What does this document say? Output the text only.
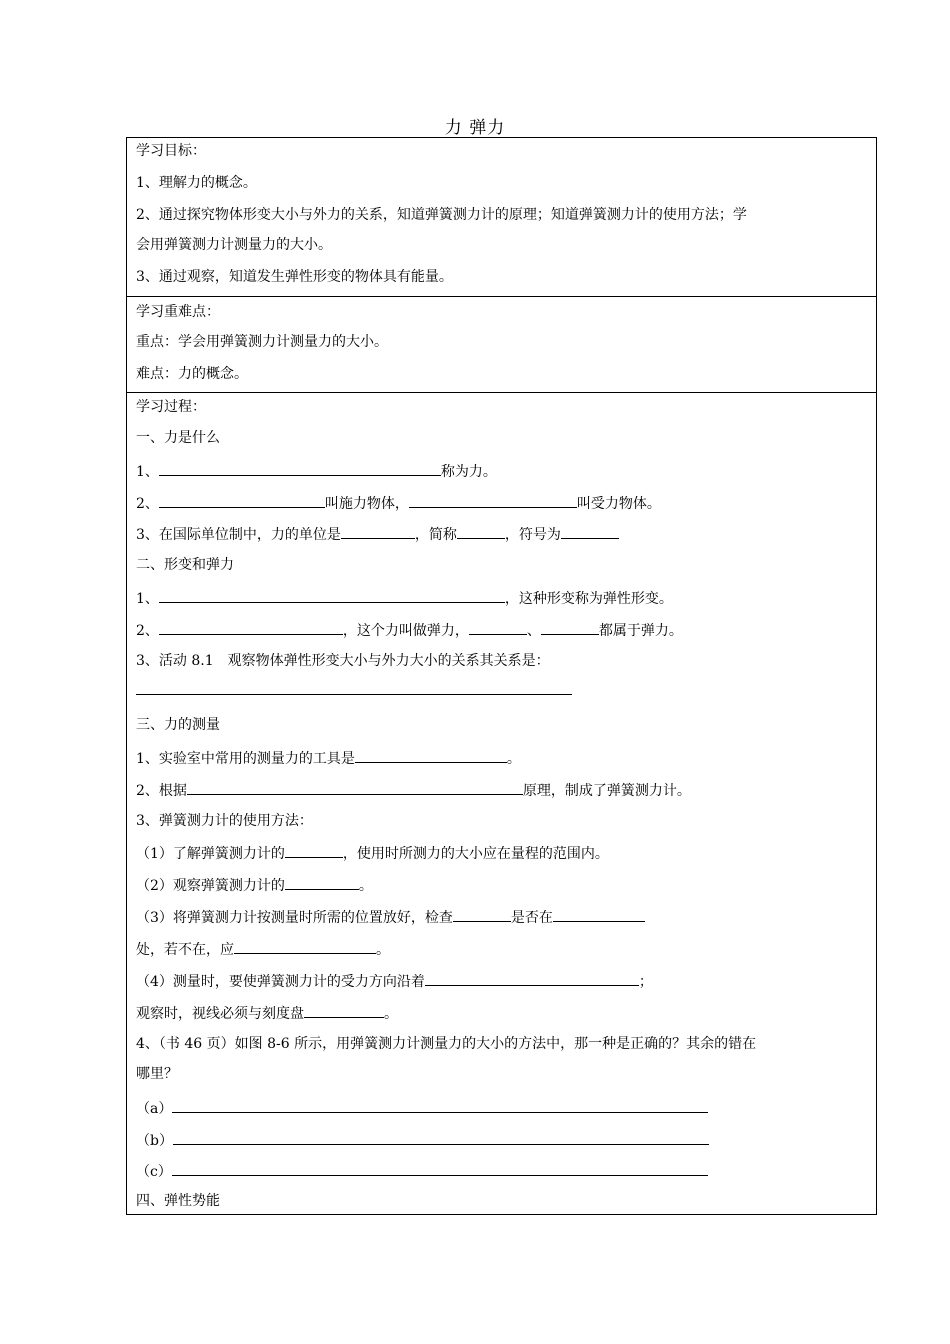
力 弹力
学习目标：
1、理解力的概念。
2、通过探究物体形变大小与外力的关系，知道弹簧测力计的原理；知道弹簧测力计的使用方法；学
会用弹簧测力计测量力的大小。
3、通过观察，知道发生弹性形变的物体具有能量。
学习重难点：
重点：学会用弹簧测力计测量力的大小。
难点：力的概念。
学习过程：
一、力是什么
1、	称为力。
2、	叫施力物体，	叫受力物体。
3、在国际单位制中，力的单位是	，简称	，符号为
二、形变和弹力
1、	，这种形变称为弹性形变。
2、	，这个力叫做弹力，	、	都属于弹力。
3、活动 8.1　观察物体弹性形变大小与外力大小的关系其关系是：
三、力的测量
1、实验室中常用的测量力的工具是	。
2、根据	原理，制成了弹簧测力计。
3、弹簧测力计的使用方法：
（1）了解弹簧测力计的	，使用时所测力的大小应在量程的范围内。
（2）观察弹簧测力计的	。
（3）将弹簧测力计按测量时所需的位置放好，检查	是否在
处，若不在，应	。
（4）测量时，要使弹簧测力计的受力方向沿着	；
观察时，视线必须与刻度盘	。
4、（书 46 页）如图 8-6 所示，用弹簧测力计测量力的大小的方法中，那一种是正确的？其余的错在
哪里？
（a）
（b）
（c）
四、弹性势能
